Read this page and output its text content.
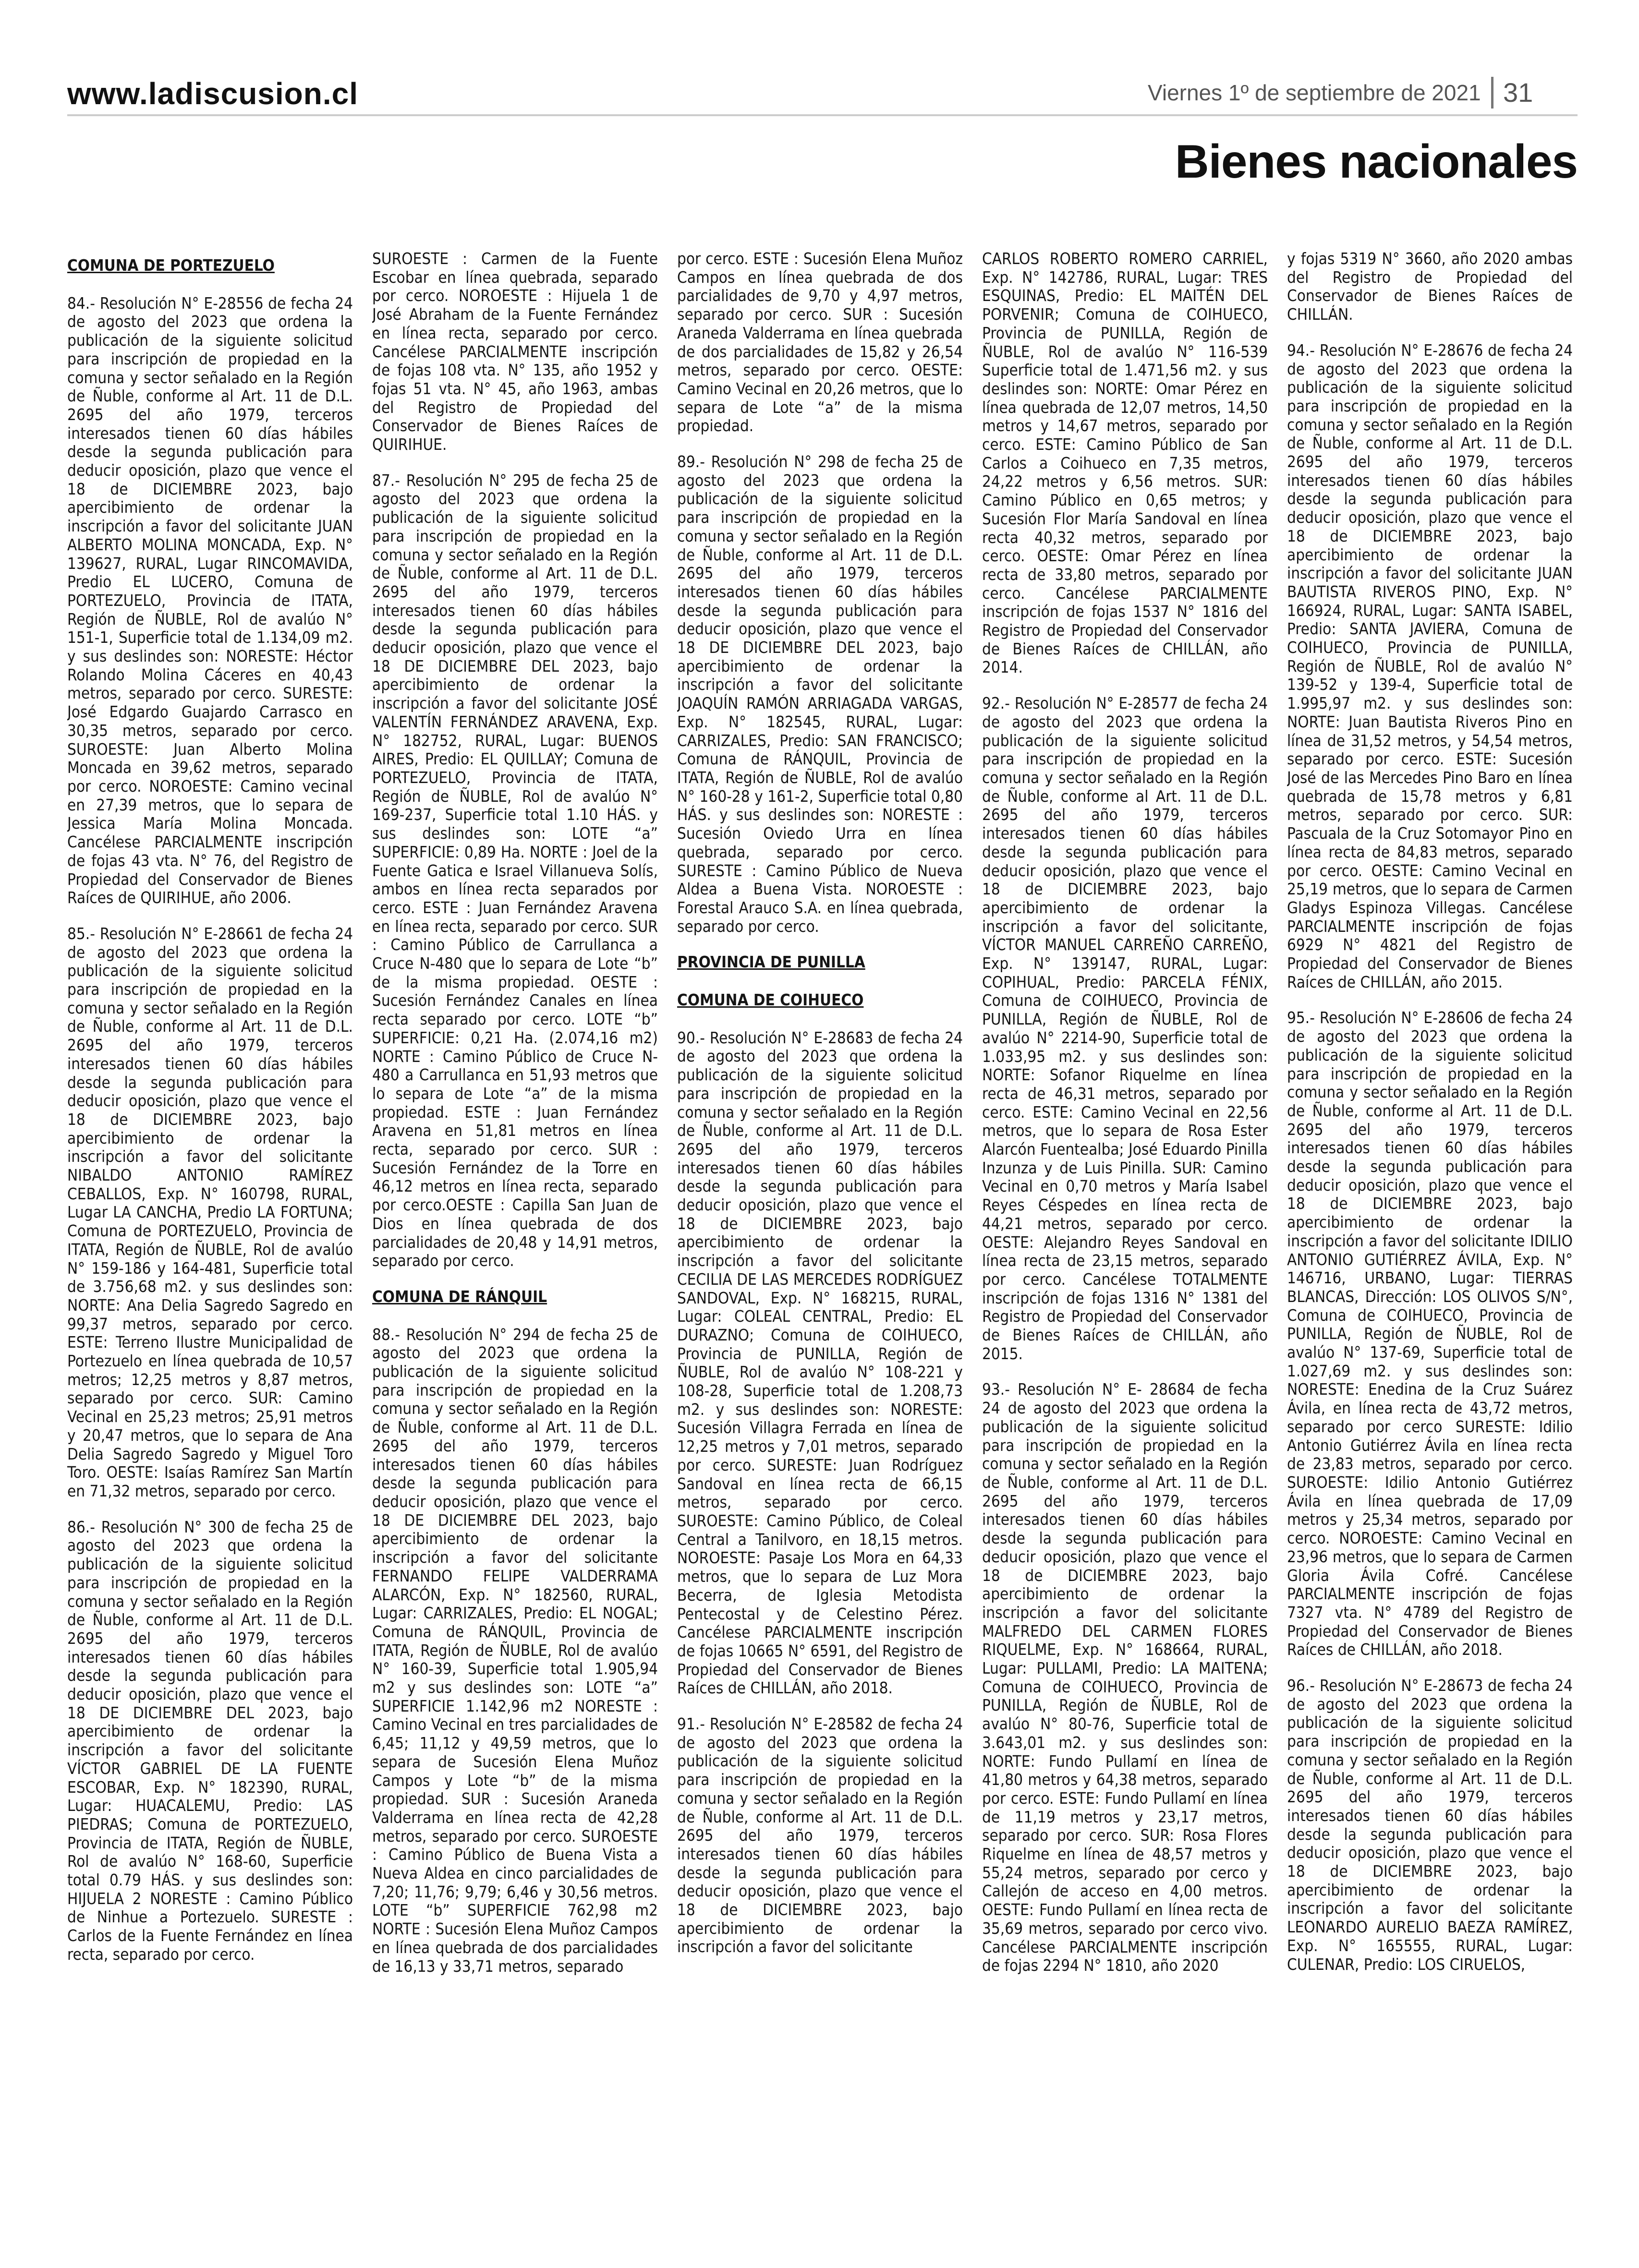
www.ladiscusion.cl	Viernes 1º de septiembre de 2021 31
Bienes nacionales

COMUNA DE PORTEZUELO

84.- Resolución N° E-28556 de fecha 24 de agosto del 2023 que ordena la publicación de la siguiente solicitud para inscripción de propiedad en la comuna y sector señalado en la Región de Ñuble, conforme al Art. 11 de D.L. 2695 del año 1979, terceros interesados tienen 60 días hábiles desde la segunda publicación para deducir oposición, plazo que vence el 18 de DICIEMBRE 2023, bajo apercibimiento de ordenar la inscripción a favor del solicitante JUAN ALBERTO MOLINA MONCADA, Exp. N° 139627, RURAL, Lugar RINCOMAVIDA, Predio EL LUCERO, Comuna de PORTEZUELO, Provincia de ITATA, Región de ÑUBLE, Rol de avalúo N° 151-1, Superficie total de 1.134,09 m2. y sus deslindes son: NORESTE: Héctor Rolando Molina Cáceres en 40,43 metros, separado por cerco. SURESTE: José Edgardo Guajardo Carrasco en 30,35 metros, separado por cerco. SUROESTE: Juan Alberto Molina Moncada en 39,62 metros, separado por cerco. NOROESTE: Camino vecinal en 27,39 metros, que lo separa de Jessica María Molina Moncada. Cancélese PARCIALMENTE inscripción de fojas 43 vta. N° 76, del Registro de Propiedad del Conservador de Bienes Raíces de QUIRIHUE, año 2006.

85.- Resolución N° E-28661 de fecha 24 de agosto del 2023 que ordena la publicación de la siguiente solicitud para inscripción de propiedad en la comuna y sector señalado en la Región de Ñuble, conforme al Art. 11 de D.L. 2695 del año 1979, terceros interesados tienen 60 días hábiles desde la segunda publicación para deducir oposición, plazo que vence el 18 de DICIEMBRE 2023, bajo apercibimiento de ordenar la inscripción a favor del solicitante NIBALDO ANTONIO RAMÍREZ CEBALLOS, Exp. N° 160798, RURAL, Lugar LA CANCHA, Predio LA FORTUNA; Comuna de PORTEZUELO, Provincia de ITATA, Región de ÑUBLE, Rol de avalúo N° 159-186 y 164-481, Superficie total de 3.756,68 m2. y sus deslindes son: NORTE: Ana Delia Sagredo Sagredo en 99,37 metros, separado por cerco. ESTE: Terreno Ilustre Municipalidad de Portezuelo en línea quebrada de 10,57 metros; 12,25 metros y 8,87 metros, separado por cerco. SUR: Camino Vecinal en 25,23 metros; 25,91 metros y 20,47 metros, que lo separa de Ana Delia Sagredo Sagredo y Miguel Toro Toro. OESTE: Isaías Ramírez San Martín en 71,32 metros, separado por cerco.

86.- Resolución N° 300 de fecha 25 de agosto del 2023 que ordena la publicación de la siguiente solicitud para inscripción de propiedad en la comuna y sector señalado en la Región de Ñuble, conforme al Art. 11 de D.L. 2695 del año 1979, terceros interesados tienen 60 días hábiles desde la segunda publicación para deducir oposición, plazo que vence el 18 DE DICIEMBRE DEL 2023, bajo apercibimiento de ordenar la inscripción a favor del solicitante VÍCTOR GABRIEL DE LA FUENTE ESCOBAR, Exp. N° 182390, RURAL, Lugar: HUACALEMU, Predio: LAS PIEDRAS; Comuna de PORTEZUELO, Provincia de ITATA, Región de ÑUBLE, Rol de avalúo N° 168-60, Superficie total 0.79 HÁS. y sus deslindes son: HIJUELA 2 NORESTE : Camino Público de Ninhue a Portezuelo. SURESTE : Carlos de la Fuente Fernández en línea recta, separado por cerco.

SUROESTE : Carmen de la Fuente Escobar en línea quebrada, separado por cerco. NOROESTE : Hijuela 1 de José Abraham de la Fuente Fernández en línea recta, separado por cerco. Cancélese PARCIALMENTE inscripción de fojas 108 vta. N° 135, año 1952 y fojas 51 vta. N° 45, año 1963, ambas del Registro de Propiedad del Conservador de Bienes Raíces de QUIRIHUE.

87.- Resolución N° 295 de fecha 25 de agosto del 2023 que ordena la publicación de la siguiente solicitud para inscripción de propiedad en la comuna y sector señalado en la Región de Ñuble, conforme al Art. 11 de D.L. 2695 del año 1979, terceros interesados tienen 60 días hábiles desde la segunda publicación para deducir oposición, plazo que vence el 18 DE DICIEMBRE DEL 2023, bajo apercibimiento de ordenar la inscripción a favor del solicitante JOSÉ VALENTÍN FERNÁNDEZ ARAVENA, Exp. N° 182752, RURAL, Lugar: BUENOS AIRES, Predio: EL QUILLAY; Comuna de PORTEZUELO, Provincia de ITATA, Región de ÑUBLE, Rol de avalúo N° 169-237, Superficie total 1.10 HÁS. y sus deslindes son: LOTE “a” SUPERFICIE: 0,89 Ha. NORTE : Joel de la Fuente Gatica e Israel Villanueva Solís, ambos en línea recta separados por cerco. ESTE : Juan Fernández Aravena en línea recta, separado por cerco. SUR : Camino Público de Carrullanca a Cruce N-480 que lo separa de Lote “b” de la misma propiedad. OESTE : Sucesión Fernández Canales en línea recta separado por cerco. LOTE “b” SUPERFICIE: 0,21 Ha. (2.074,16 m2) NORTE : Camino Público de Cruce N-480 a Carrullanca en 51,93 metros que lo separa de Lote “a” de la misma propiedad. ESTE : Juan Fernández Aravena en 51,81 metros en línea recta, separado por cerco. SUR : Sucesión Fernández de la Torre en 46,12 metros en línea recta, separado por cerco.OESTE : Capilla San Juan de Dios en línea quebrada de dos parcialidades de 20,48 y 14,91 metros, separado por cerco.

COMUNA DE RÁNQUIL

88.- Resolución N° 294 de fecha 25 de agosto del 2023 que ordena la publicación de la siguiente solicitud para inscripción de propiedad en la comuna y sector señalado en la Región de Ñuble, conforme al Art. 11 de D.L. 2695 del año 1979, terceros interesados tienen 60 días hábiles desde la segunda publicación para deducir oposición, plazo que vence el 18 DE DICIEMBRE DEL 2023, bajo apercibimiento de ordenar la inscripción a favor del solicitante FERNANDO FELIPE VALDERRAMA ALARCÓN, Exp. N° 182560, RURAL, Lugar: CARRIZALES, Predio: EL NOGAL; Comuna de RÁNQUIL, Provincia de ITATA, Región de ÑUBLE, Rol de avalúo N° 160-39, Superficie total 1.905,94 m2 y sus deslindes son: LOTE “a” SUPERFICIE 1.142,96 m2 NORESTE : Camino Vecinal en tres parcialidades de 6,45; 11,12 y 49,59 metros, que lo separa de Sucesión Elena Muñoz Campos y Lote “b” de la misma propiedad. SUR : Sucesión Araneda Valderrama en línea recta de 42,28 metros, separado por cerco. SUROESTE : Camino Público de Buena Vista a Nueva Aldea en cinco parcialidades de 7,20; 11,76; 9,79; 6,46 y 30,56 metros. LOTE “b” SUPERFICIE 762,98 m2 NORTE : Sucesión Elena Muñoz Campos en línea quebrada de dos parcialidades de 16,13 y 33,71 metros, separado

por cerco. ESTE : Sucesión Elena Muñoz Campos en línea quebrada de dos parcialidades de 9,70 y 4,97 metros, separado por cerco. SUR : Sucesión Araneda Valderrama en línea quebrada de dos parcialidades de 15,82 y 26,54 metros, separado por cerco. OESTE: Camino Vecinal en 20,26 metros, que lo separa de Lote “a” de la misma propiedad.

89.- Resolución N° 298 de fecha 25 de agosto del 2023 que ordena la publicación de la siguiente solicitud para inscripción de propiedad en la comuna y sector señalado en la Región de Ñuble, conforme al Art. 11 de D.L. 2695 del año 1979, terceros interesados tienen 60 días hábiles desde la segunda publicación para deducir oposición, plazo que vence el 18 DE DICIEMBRE DEL 2023, bajo apercibimiento de ordenar la inscripción a favor del solicitante JOAQUÍN RAMÓN ARRIAGADA VARGAS, Exp. N° 182545, RURAL, Lugar: CARRIZALES, Predio: SAN FRANCISCO; Comuna de RÁNQUIL, Provincia de ITATA, Región de ÑUBLE, Rol de avalúo N° 160-28 y 161-2, Superficie total 0,80 HÁS. y sus deslindes son: NORESTE : Sucesión Oviedo Urra en línea quebrada, separado por cerco. SURESTE : Camino Público de Nueva Aldea a Buena Vista. NOROESTE : Forestal Arauco S.A. en línea quebrada, separado por cerco.

PROVINCIA DE PUNILLA

COMUNA DE COIHUECO

90.- Resolución N° E-28683 de fecha 24 de agosto del 2023 que ordena la publicación de la siguiente solicitud para inscripción de propiedad en la comuna y sector señalado en la Región de Ñuble, conforme al Art. 11 de D.L. 2695 del año 1979, terceros interesados tienen 60 días hábiles desde la segunda publicación para deducir oposición, plazo que vence el 18 de DICIEMBRE 2023, bajo apercibimiento de ordenar la inscripción a favor del solicitante CECILIA DE LAS MERCEDES RODRÍGUEZ SANDOVAL, Exp. N° 168215, RURAL, Lugar: COLEAL CENTRAL, Predio: EL DURAZNO; Comuna de COIHUECO, Provincia de PUNILLA, Región de ÑUBLE, Rol de avalúo N° 108-221 y 108-28, Superficie total de 1.208,73 m2. y sus deslindes son: NORESTE: Sucesión Villagra Ferrada en línea de 12,25 metros y 7,01 metros, separado por cerco. SURESTE: Juan Rodríguez Sandoval en línea recta de 66,15 metros, separado por cerco. SUROESTE: Camino Público, de Coleal Central a Tanilvoro, en 18,15 metros. NOROESTE: Pasaje Los Mora en 64,33 metros, que lo separa de Luz Mora Becerra, de Iglesia Metodista Pentecostal y de Celestino Pérez. Cancélese PARCIALMENTE inscripción de fojas 10665 N° 6591, del Registro de Propiedad del Conservador de Bienes Raíces de CHILLÁN, año 2018.

91.- Resolución N° E-28582 de fecha 24 de agosto del 2023 que ordena la publicación de la siguiente solicitud para inscripción de propiedad en la comuna y sector señalado en la Región de Ñuble, conforme al Art. 11 de D.L. 2695 del año 1979, terceros interesados tienen 60 días hábiles desde la segunda publicación para deducir oposición, plazo que vence el 18 de DICIEMBRE 2023, bajo apercibimiento de ordenar la inscripción a favor del solicitante

CARLOS ROBERTO ROMERO CARRIEL, Exp. N° 142786, RURAL, Lugar: TRES ESQUINAS, Predio: EL MAITÉN DEL PORVENIR; Comuna de COIHUECO, Provincia de PUNILLA, Región de ÑUBLE, Rol de avalúo N° 116-539 Superficie total de 1.471,56 m2. y sus deslindes son: NORTE: Omar Pérez en línea quebrada de 12,07 metros, 14,50 metros y 14,67 metros, separado por cerco. ESTE: Camino Público de San Carlos a Coihueco en 7,35 metros, 24,22 metros y 6,56 metros. SUR: Camino Público en 0,65 metros; y Sucesión Flor María Sandoval en línea recta 40,32 metros, separado por cerco. OESTE: Omar Pérez en línea recta de 33,80 metros, separado por cerco. Cancélese PARCIALMENTE inscripción de fojas 1537 N° 1816 del Registro de Propiedad del Conservador de Bienes Raíces de CHILLÁN, año 2014.

92.- Resolución N° E-28577 de fecha 24 de agosto del 2023 que ordena la publicación de la siguiente solicitud para inscripción de propiedad en la comuna y sector señalado en la Región de Ñuble, conforme al Art. 11 de D.L. 2695 del año 1979, terceros interesados tienen 60 días hábiles desde la segunda publicación para deducir oposición, plazo que vence el 18 de DICIEMBRE 2023, bajo apercibimiento de ordenar la inscripción a favor del solicitante, VÍCTOR MANUEL CARREÑO CARREÑO, Exp. N° 139147, RURAL, Lugar: COPIHUAL, Predio: PARCELA FÉNIX, Comuna de COIHUECO, Provincia de PUNILLA, Región de ÑUBLE, Rol de avalúo N° 2214-90, Superficie total de 1.033,95 m2. y sus deslindes son: NORTE: Sofanor Riquelme en línea recta de 46,31 metros, separado por cerco. ESTE: Camino Vecinal en 22,56 metros, que lo separa de Rosa Ester Alarcón Fuentealba; José Eduardo Pinilla Inzunza y de Luis Pinilla. SUR: Camino Vecinal en 0,70 metros y María Isabel Reyes Céspedes en línea recta de 44,21 metros, separado por cerco. OESTE: Alejandro Reyes Sandoval en línea recta de 23,15 metros, separado por cerco. Cancélese TOTALMENTE inscripción de fojas 1316 N° 1381 del Registro de Propiedad del Conservador de Bienes Raíces de CHILLÁN, año 2015.

93.- Resolución N° E- 28684 de fecha 24 de agosto del 2023 que ordena la publicación de la siguiente solicitud para inscripción de propiedad en la comuna y sector señalado en la Región de Ñuble, conforme al Art. 11 de D.L. 2695 del año 1979, terceros interesados tienen 60 días hábiles desde la segunda publicación para deducir oposición, plazo que vence el 18 de DICIEMBRE 2023, bajo apercibimiento de ordenar la inscripción a favor del solicitante MALFREDO DEL CARMEN FLORES RIQUELME, Exp. N° 168664, RURAL, Lugar: PULLAMI, Predio: LA MAITENA; Comuna de COIHUECO, Provincia de PUNILLA, Región de ÑUBLE, Rol de avalúo N° 80-76, Superficie total de 3.643,01 m2. y sus deslindes son: NORTE: Fundo Pullamí en línea de 41,80 metros y 64,38 metros, separado por cerco. ESTE: Fundo Pullamí en línea de 11,19 metros y 23,17 metros, separado por cerco. SUR: Rosa Flores Riquelme en línea de 48,57 metros y 55,24 metros, separado por cerco y Callejón de acceso en 4,00 metros. OESTE: Fundo Pullamí en línea recta de 35,69 metros, separado por cerco vivo. Cancélese PARCIALMENTE inscripción de fojas 2294 N° 1810, año 2020

y fojas 5319 N° 3660, año 2020 ambas del Registro de Propiedad del Conservador de Bienes Raíces de CHILLÁN.

94.- Resolución N° E-28676 de fecha 24 de agosto del 2023 que ordena la publicación de la siguiente solicitud para inscripción de propiedad en la comuna y sector señalado en la Región de Ñuble, conforme al Art. 11 de D.L. 2695 del año 1979, terceros interesados tienen 60 días hábiles desde la segunda publicación para deducir oposición, plazo que vence el 18 de DICIEMBRE 2023, bajo apercibimiento de ordenar la inscripción a favor del solicitante JUAN BAUTISTA RIVEROS PINO, Exp. N° 166924, RURAL, Lugar: SANTA ISABEL, Predio: SANTA JAVIERA, Comuna de COIHUECO, Provincia de PUNILLA, Región de ÑUBLE, Rol de avalúo N° 139-52 y 139-4, Superficie total de 1.995,97 m2. y sus deslindes son: NORTE: Juan Bautista Riveros Pino en línea de 31,52 metros, y 54,54 metros, separado por cerco. ESTE: Sucesión José de las Mercedes Pino Baro en línea quebrada de 15,78 metros y 6,81 metros, separado por cerco. SUR: Pascuala de la Cruz Sotomayor Pino en línea recta de 84,83 metros, separado por cerco. OESTE: Camino Vecinal en 25,19 metros, que lo separa de Carmen Gladys Espinoza Villegas. Cancélese PARCIALMENTE inscripción de fojas 6929 N° 4821 del Registro de Propiedad del Conservador de Bienes Raíces de CHILLÁN, año 2015.

95.- Resolución N° E-28606 de fecha 24 de agosto del 2023 que ordena la publicación de la siguiente solicitud para inscripción de propiedad en la comuna y sector señalado en la Región de Ñuble, conforme al Art. 11 de D.L. 2695 del año 1979, terceros interesados tienen 60 días hábiles desde la segunda publicación para deducir oposición, plazo que vence el 18 de DICIEMBRE 2023, bajo apercibimiento de ordenar la inscripción a favor del solicitante IDILIO ANTONIO GUTIÉRREZ ÁVILA, Exp. N° 146716, URBANO, Lugar: TIERRAS BLANCAS, Dirección: LOS OLIVOS S/N°, Comuna de COIHUECO, Provincia de PUNILLA, Región de ÑUBLE, Rol de avalúo N° 137-69, Superficie total de 1.027,69 m2. y sus deslindes son: NORESTE: Enedina de la Cruz Suárez Ávila, en línea recta de 43,72 metros, separado por cerco SURESTE: Idilio Antonio Gutiérrez Ávila en línea recta de 23,83 metros, separado por cerco. SUROESTE: Idilio Antonio Gutiérrez Ávila en línea quebrada de 17,09 metros y 25,34 metros, separado por cerco. NOROESTE: Camino Vecinal en 23,96 metros, que lo separa de Carmen Gloria Ávila Cofré. Cancélese PARCIALMENTE inscripción de fojas 7327 vta. N° 4789 del Registro de Propiedad del Conservador de Bienes Raíces de CHILLÁN, año 2018.

96.- Resolución N° E-28673 de fecha 24 de agosto del 2023 que ordena la publicación de la siguiente solicitud para inscripción de propiedad en la comuna y sector señalado en la Región de Ñuble, conforme al Art. 11 de D.L. 2695 del año 1979, terceros interesados tienen 60 días hábiles desde la segunda publicación para deducir oposición, plazo que vence el 18 de DICIEMBRE 2023, bajo apercibimiento de ordenar la inscripción a favor del solicitante LEONARDO AURELIO BAEZA RAMÍREZ, Exp. N° 165555, RURAL, Lugar: CULENAR, Predio: LOS CIRUELOS,
